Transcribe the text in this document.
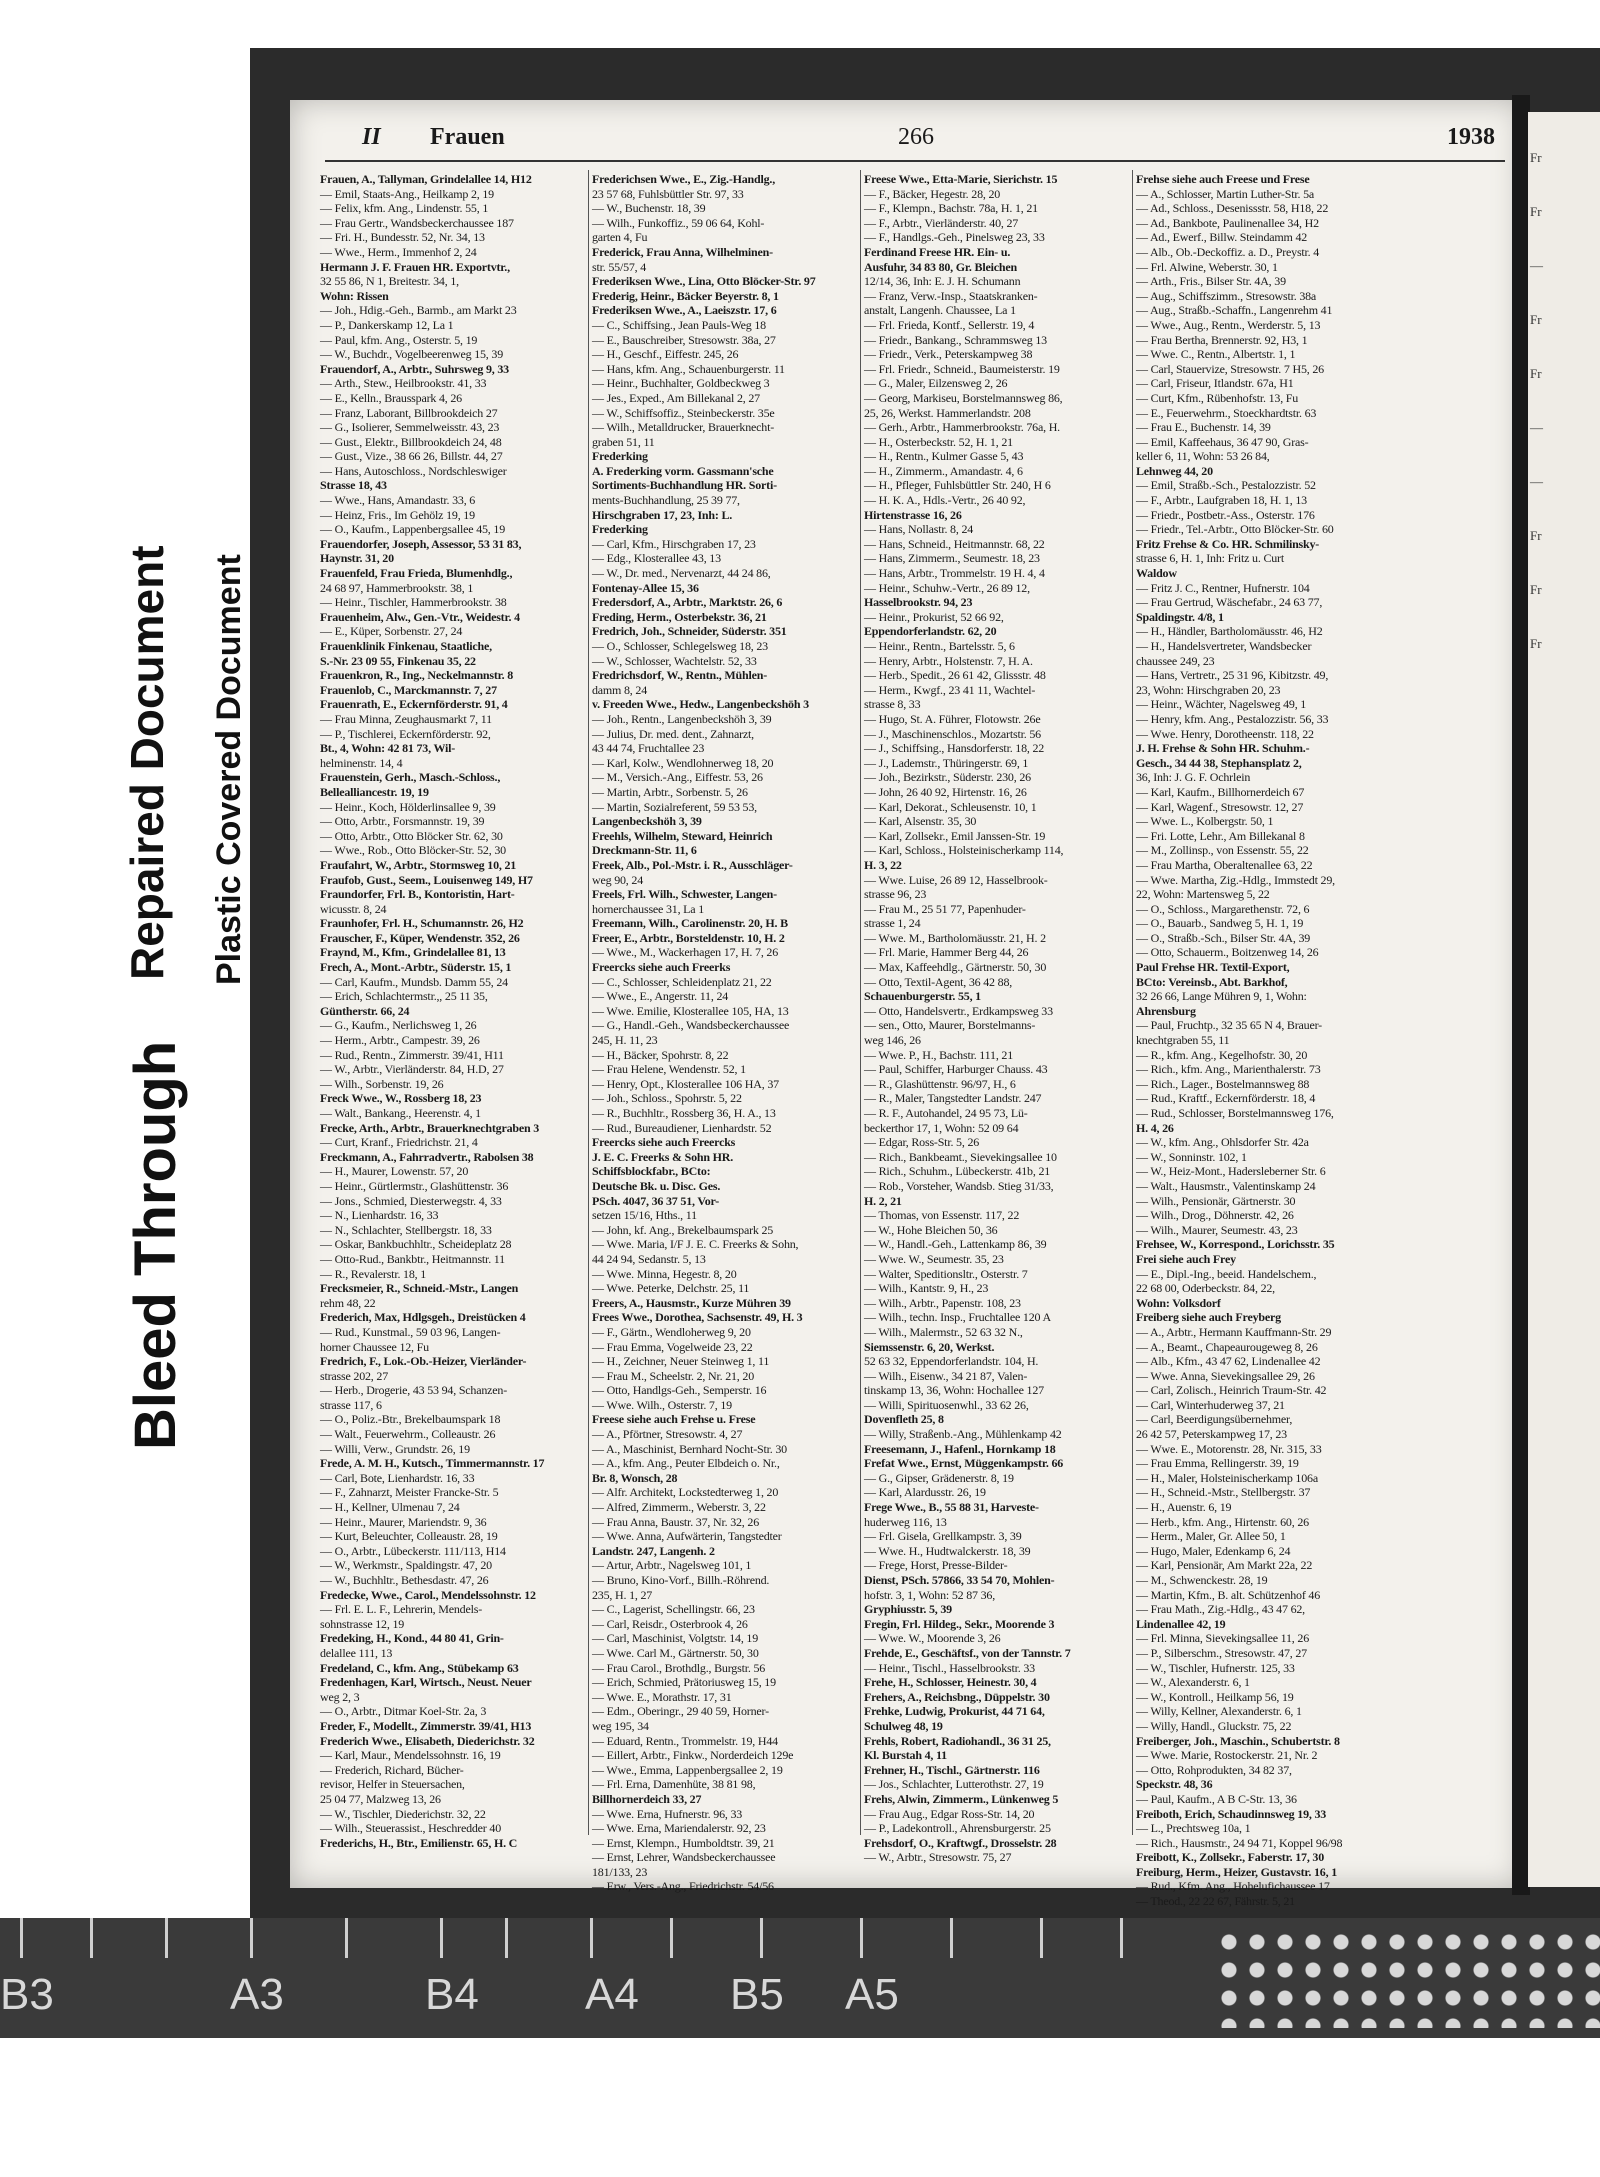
Bleed Through
Repaired Document Plastic Covered Document
Fr
Fr
—
Fr
Fr
—
—
Fr
Fr
Fr
II Frauen	266	1938

Frauen, A., Tallyman, Grindelallee 14, H12

— Emil, Staats-Ang., Heilkamp 2, 19

— Felix, kfm. Ang., Lindenstr. 55, 1

— Frau Gertr., Wandsbeckerchaussee 187

— Fri. H., Bundesstr. 52, Nr. 34, 13

— Wwe., Herm., Immenhof 2, 24

Hermann J. F. Frauen HR. Exportvtr.,

32 55 86, N 1, Breitestr. 34, 1,

Wohn: Rissen

— Joh., Hdig.-Geh., Barmb., am Markt 23

— P., Dankerskamp 12, La 1

— Paul, kfm. Ang., Osterstr. 5, 19

— W., Buchdr., Vogelbeerenweg 15, 39

Frauendorf, A., Arbtr., Suhrsweg 9, 33

— Arth., Stew., Heilbrookstr. 41, 33

— E., Kelln., Brausspark 4, 26

— Franz, Laborant, Billbrookdeich 27

— G., Isolierer, Semmelweisstr. 43, 23

— Gust., Elektr., Billbrookdeich 24, 48

— Gust., Vize., 38 66 26, Billstr. 44, 27

— Hans, Autoschloss., Nordschleswiger

Strasse 18, 43

— Wwe., Hans, Amandastr. 33, 6

— Heinz, Fris., Im Gehölz 19, 19

— O., Kaufm., Lappenbergsallee 45, 19

Frauendorfer, Joseph, Assessor, 53 31 83,

Haynstr. 31, 20

Frauenfeld, Frau Frieda, Blumenhdlg.,

24 68 97, Hammerbrookstr. 38, 1

— Heinr., Tischler, Hammerbrookstr. 38

Frauenheim, Alw., Gen.-Vtr., Weidestr. 4

— E., Küper, Sorbenstr. 27, 24

Frauenklinik Finkenau, Staatliche,

S.-Nr. 23 09 55, Finkenau 35, 22

Frauenkron, R., Ing., Neckelmannstr. 8

Frauenlob, C., Marckmannstr. 7, 27

Frauenrath, E., Eckernförderstr. 91, 4

— Frau Minna, Zeughausmarkt 7, 11

— P., Tischlerei, Eckernförderstr. 92,

Bt., 4, Wohn: 42 81 73, Wil-

helminenstr. 14, 4

Frauenstein, Gerh., Masch.-Schloss.,

Bellealliancestr. 19, 19

— Heinr., Koch, Hölderlinsallee 9, 39

— Otto, Arbtr., Forsmannstr. 19, 39

— Otto, Arbtr., Otto Blöcker Str. 62, 30

— Wwe., Rob., Otto Blöcker-Str. 52, 30

Fraufahrt, W., Arbtr., Stormsweg 10, 21

Fraufob, Gust., Seem., Louisenweg 149, H7

Fraundorfer, Frl. B., Kontoristin, Hart-

wicusstr. 8, 24

Fraunhofer, Frl. H., Schumannstr. 26, H2

Frauscher, F., Küper, Wendenstr. 352, 26

Fraynd, M., Kfm., Grindelallee 81, 13

Frech, A., Mont.-Arbtr., Süderstr. 15, 1

— Carl, Kaufm., Mundsb. Damm 55, 24

— Erich, Schlachtermstr.,, 25 11 35,

Güntherstr. 66, 24

— G., Kaufm., Nerlichsweg 1, 26

— Herm., Arbtr., Campestr. 39, 26

— Rud., Rentn., Zimmerstr. 39/41, H11

— W., Arbtr., Vierländerstr. 84, H.D, 27

— Wilh., Sorbenstr. 19, 26

Freck Wwe., W., Rossberg 18, 23

— Walt., Bankang., Heerenstr. 4, 1

Frecke, Arth., Arbtr., Brauerknechtgraben 3

— Curt, Kranf., Friedrichstr. 21, 4

Freckmann, A., Fahrradvertr., Rabolsen 38

— H., Maurer, Lowenstr. 57, 20

— Heinr., Gürtlermstr., Glashüttenstr. 36

— Jons., Schmied, Diesterwegstr. 4, 33

— N., Lienhardstr. 16, 33

— N., Schlachter, Stellbergstr. 18, 33

— Oskar, Bankbuchhltr., Scheideplatz 28

— Otto-Rud., Bankbtr., Heitmannstr. 11

— R., Revalerstr. 18, 1

Frecksmeier, R., Schneid.-Mstr., Langen

rehm 48, 22

Frederich, Max, Hdlgsgeh., Dreistücken 4

— Rud., Kunstmal., 59 03 96, Langen-

horner Chaussee 12, Fu

Fredrich, F., Lok.-Ob.-Heizer, Vierländer-

strasse 202, 27

— Herb., Drogerie, 43 53 94, Schanzen-

strasse 117, 6

— O., Poliz.-Btr., Brekelbaumspark 18

— Walt., Feuerwehrm., Colleaustr. 26

— Willi, Verw., Grundstr. 26, 19

Frede, A. M. H., Kutsch., Timmermannstr. 17

— Carl, Bote, Lienhardstr. 16, 33

— F., Zahnarzt, Meister Francke-Str. 5

— H., Kellner, Ulmenau 7, 24

— Heinr., Maurer, Mariendstr. 9, 36

— Kurt, Beleuchter, Colleaustr. 28, 19

— O., Arbtr., Lübeckerstr. 111/113, H14

— W., Werkmstr., Spaldingstr. 47, 20

— W., Buchhltr., Bethesdastr. 47, 26

Fredecke, Wwe., Carol., Mendelssohnstr. 12

— Frl. E. L. F., Lehrerin, Mendels-

sohnstrasse 12, 19

Fredeking, H., Kond., 44 80 41, Grin-

delallee 111, 13

Fredeland, C., kfm. Ang., Stübekamp 63

Fredenhagen, Karl, Wirtsch., Neust. Neuer

weg 2, 3

— O., Arbtr., Ditmar Koel-Str. 2a, 3

Freder, F., Modellt., Zimmerstr. 39/41, H13

Frederich Wwe., Elisabeth, Diederichstr. 32

— Karl, Maur., Mendelssohnstr. 16, 19

— Frederich, Richard, Bücher-

revisor, Helfer in Steuersachen,

25 04 77, Malzweg 13, 26

— W., Tischler, Diederichstr. 32, 22

— Wilh., Steuerassist., Heschredder 40

Frederichs, H., Btr., Emilienstr. 65, H. C

Frederichsen Wwe., E., Zig.-Handlg.,

23 57 68, Fuhlsbüttler Str. 97, 33

— W., Buchenstr. 18, 39

— Wilh., Funkoffiz., 59 06 64, Kohl-

garten 4, Fu

Frederick, Frau Anna, Wilhelminen-

str. 55/57, 4

Frederiksen Wwe., Lina, Otto Blöcker-Str. 97

Frederig, Heinr., Bäcker Beyerstr. 8, 1

Frederiksen Wwe., A., Laeiszstr. 17, 6

— C., Schiffsing., Jean Pauls-Weg 18

— E., Bauschreiber, Stresowstr. 38a, 27

— H., Geschf., Eiffestr. 245, 26

— Hans, kfm. Ang., Schauenburgerstr. 11

— Heinr., Buchhalter, Goldbeckweg 3

— Jes., Exped., Am Billekanal 2, 27

— W., Schiffsoffiz., Steinbeckerstr. 35e

— Wilh., Metalldrucker, Brauerknecht-

graben 51, 11

Frederking

A. Frederking vorm. Gassmann'sche

Sortiments-Buchhandlung HR. Sorti-

ments-Buchhandlung, 25 39 77,

Hirschgraben 17, 23, Inh: L.

Frederking

— Carl, Kfm., Hirschgraben 17, 23

— Edg., Klosterallee 43, 13

— W., Dr. med., Nervenarzt, 44 24 86,

Fontenay-Allee 15, 36

Fredersdorf, A., Arbtr., Marktstr. 26, 6

Freding, Herm., Osterbekstr. 36, 21

Fredrich, Joh., Schneider, Süderstr. 351

— O., Schlosser, Schlegelsweg 18, 23

— W., Schlosser, Wachtelstr. 52, 33

Fredrichsdorf, W., Rentn., Mühlen-

damm 8, 24

v. Freeden Wwe., Hedw., Langenbeckshöh 3

— Joh., Rentn., Langenbeckshöh 3, 39

— Julius, Dr. med. dent., Zahnarzt,

43 44 74, Fruchtallee 23

— Karl, Kolw., Wendlohnerweg 18, 20

— M., Versich.-Ang., Eiffestr. 53, 26

— Martin, Arbtr., Sorbenstr. 5, 26

— Martin, Sozialreferent, 59 53 53,

Langenbeckshöh 3, 39

Freehls, Wilhelm, Steward, Heinrich

Dreckmann-Str. 11, 6

Freek, Alb., Pol.-Mstr. i. R., Ausschläger-

weg 90, 24

Freels, Frl. Wilh., Schwester, Langen-

hornerchaussee 31, La 1

Freemann, Wilh., Carolinenstr. 20, H. B

Freer, E., Arbtr., Borsteldenstr. 10, H. 2

— Wwe., M., Wackerhagen 17, H. 7, 26

Freercks siehe auch Freerks

— C., Schlosser, Schleidenplatz 21, 22

— Wwe., E., Angerstr. 11, 24

— Wwe. Emilie, Klosterallee 105, HA, 13

— G., Handl.-Geh., Wandsbeckerchaussee

245, H. 11, 23

— H., Bäcker, Spohrstr. 8, 22

— Frau Helene, Wendenstr. 52, 1

— Henry, Opt., Klosterallee 106 HA, 37

— Joh., Schloss., Spohrstr. 5, 22

— R., Buchhltr., Rossberg 36, H. A., 13

— Rud., Bureaudiener, Lienhardstr. 52

Freercks siehe auch Freercks

J. E. C. Freerks & Sohn HR.

Schiffsblockfabr., BCto:

Deutsche Bk. u. Disc. Ges.

PSch. 4047, 36 37 51, Vor-

setzen 15/16, Hths., 11

— John, kf. Ang., Brekelbaumspark 25

— Wwe. Maria, I/F J. E. C. Freerks & Sohn,

44 24 94, Sedanstr. 5, 13

— Wwe. Minna, Hegestr. 8, 20

— Wwe. Peterke, Delchstr. 25, 11

Freers, A., Hausmstr., Kurze Mühren 39

Frees Wwe., Dorothea, Sachsenstr. 49, H. 3

— F., Gärtn., Wendloherweg 9, 20

— Frau Emma, Vogelweide 23, 22

— H., Zeichner, Neuer Steinweg 1, 11

— Frau M., Scheelstr. 2, Nr. 21, 20

— Otto, Handlgs-Geh., Semperstr. 16

— Wwe. Wilh., Osterstr. 7, 19

Freese siehe auch Frehse u. Frese

— A., Pförtner, Stresowstr. 4, 27

— A., Maschinist, Bernhard Nocht-Str. 30

— A., kfm. Ang., Peuter Elbdeich o. Nr.,

Br. 8, Wonsch, 28

— Alfr. Architekt, Lockstedterweg 1, 20

— Alfred, Zimmerm., Weberstr. 3, 22

— Frau Anna, Baustr. 37, Nr. 32, 26

— Wwe. Anna, Aufwärterin, Tangstedter

Landstr. 247, Langenh. 2

— Artur, Arbtr., Nagelsweg 101, 1

— Bruno, Kino-Vorf., Billh.-Röhrend.

235, H. 1, 27

— C., Lagerist, Schellingstr. 66, 23

— Carl, Reisdr., Osterbrook 4, 26

— Carl, Maschinist, Volgtstr. 14, 19

— Wwe. Carl M., Gärtnerstr. 50, 30

— Frau Carol., Brothdlg., Burgstr. 56

— Erich, Schmied, Prätoriusweg 15, 19

— Wwe. E., Morathstr. 17, 31

— Edm., Oberingr., 29 40 59, Horner-

weg 195, 34

— Eduard, Rentn., Trommelstr. 19, H44

— Eillert, Arbtr., Finkw., Norderdeich 129e

— Wwe., Emma, Lappenbergsallee 2, 19

— Frl. Erna, Damenhüte, 38 81 98,

Billhornerdeich 33, 27

— Wwe. Erna, Hufnerstr. 96, 33

— Wwe. Erna, Mariendalerstr. 92, 23

— Ernst, Klempn., Humboldtstr. 39, 21

— Ernst, Lehrer, Wandsbeckerchaussee

181/133, 23

— Erw., Vers.-Ang., Friedrichstr. 54/56

Freese Wwe., Etta-Marie, Sierichstr. 15

— F., Bäcker, Hegestr. 28, 20

— F., Klempn., Bachstr. 78a, H. 1, 21

— F., Arbtr., Vierländerstr. 40, 27

— F., Handlgs.-Geh., Pinelsweg 23, 33

Ferdinand Freese HR. Ein- u.

Ausfuhr, 34 83 80, Gr. Bleichen

12/14, 36, Inh: E. J. H. Schumann

— Franz, Verw.-Insp., Staatskranken-

anstalt, Langenh. Chaussee, La 1

— Frl. Frieda, Kontf., Sellerstr. 19, 4

— Friedr., Bankang., Schrammsweg 13

— Friedr., Verk., Peterskampweg 38

— Frl. Friedr., Schneid., Baumeisterstr. 19

— G., Maler, Eilzensweg 2, 26

— Georg, Markiseu, Borstelmannsweg 86,

25, 26, Werkst. Hammerlandstr. 208

— Gerh., Arbtr., Hammerbrookstr. 76a, H.

— H., Osterbeckstr. 52, H. 1, 21

— H., Rentn., Kulmer Gasse 5, 43

— H., Zimmerm., Amandastr. 4, 6

— H., Pfleger, Fuhlsbüttler Str. 240, H 6

— H. K. A., Hdls.-Vertr., 26 40 92,

Hirtenstrasse 16, 26

— Hans, Nollastr. 8, 24

— Hans, Schneid., Heitmannstr. 68, 22

— Hans, Zimmerm., Seumestr. 18, 23

— Hans, Arbtr., Trommelstr. 19 H. 4, 4

— Heinr., Schuhw.-Vertr., 26 89 12,

Hasselbrookstr. 94, 23

— Heinr., Prokurist, 52 66 92,

Eppendorferlandstr. 62, 20

— Heinr., Rentn., Bartelsstr. 5, 6

— Henry, Arbtr., Holstenstr. 7, H. A.

— Herb., Spedit., 26 61 42, Glissstr. 48

— Herm., Kwgf., 23 41 11, Wachtel-

strasse 8, 33

— Hugo, St. A. Führer, Flotowstr. 26e

— J., Maschinenschlos., Mozartstr. 56

— J., Schiffsing., Hansdorferstr. 18, 22

— J., Lademstr., Thüringerstr. 69, 1

— Joh., Bezirkstr., Süderstr. 230, 26

— John, 26 40 92, Hirtenstr. 16, 26

— Karl, Dekorat., Schleusenstr. 10, 1

— Karl, Alsenstr. 35, 30

— Karl, Zollsekr., Emil Janssen-Str. 19

— Karl, Schloss., Holsteinischerkamp 114,

H. 3, 22

— Wwe. Luise, 26 89 12, Hasselbrook-

strasse 96, 23

— Frau M., 25 51 77, Papenhuder-

strasse 1, 24

— Wwe. M., Bartholomäusstr. 21, H. 2

— Frl. Marie, Hammer Berg 44, 26

— Max, Kaffeehdlg., Gärtnerstr. 50, 30

— Otto, Textil-Agent, 36 42 88,

Schauenburgerstr. 55, 1

— Otto, Handelsvertr., Erdkampsweg 33

— sen., Otto, Maurer, Borstelmanns-

weg 146, 26

— Wwe. P., H., Bachstr. 111, 21

— Paul, Schiffer, Harburger Chauss. 43

— R., Glashüttenstr. 96/97, H., 6

— R., Maler, Tangstedter Landstr. 247

— R. F., Autohandel, 24 95 73, Lü-

beckerthor 17, 1, Wohn: 52 09 64

— Edgar, Ross-Str. 5, 26

— Rich., Bankbeamt., Sievekingsallee 10

— Rich., Schuhm., Lübeckerstr. 41b, 21

— Rob., Vorsteher, Wandsb. Stieg 31/33,

H. 2, 21

— Thomas, von Essenstr. 117, 22

— W., Hohe Bleichen 50, 36

— W., Handl.-Geh., Lattenkamp 86, 39

— Wwe. W., Seumestr. 35, 23

— Walter, Speditionsltr., Osterstr. 7

— Wilh., Kantstr. 9, H., 23

— Wilh., Arbtr., Papenstr. 108, 23

— Wilh., techn. Insp., Fruchtallee 120 A

— Wilh., Malermstr., 52 63 32 N.,

Siemssenstr. 6, 20, Werkst.

52 63 32, Eppendorferlandstr. 104, H.

— Wilh., Eisenw., 34 21 87, Valen-

tinskamp 13, 36, Wohn: Hochallee 127

— Willi, Spirituosenwhl., 33 62 26,

Dovenfleth 25, 8

— Willy, Straßenb.-Ang., Mühlenkamp 42

Freesemann, J., Hafenl., Hornkamp 18

Frefat Wwe., Ernst, Müggenkampstr. 66

— G., Gipser, Grädenerstr. 8, 19

— Karl, Alardusstr. 26, 19

Frege Wwe., B., 55 88 31, Harveste-

huderweg 116, 13

— Frl. Gisela, Grellkampstr. 3, 39

— Wwe. H., Hudtwalckerstr. 18, 39

— Frege, Horst, Presse-Bilder-

Dienst, PSch. 57866, 33 54 70, Mohlen-

hofstr. 3, 1, Wohn: 52 87 36,

Gryphiusstr. 5, 39

Fregin, Frl. Hildeg., Sekr., Moorende 3

— Wwe. W., Moorende 3, 26

Frehde, E., Geschäftsf., von der Tannstr. 7

— Heinr., Tischl., Hasselbrookstr. 33

Frehe, H., Schlosser, Heinestr. 30, 4

Frehers, A., Reichsbng., Düppelstr. 30

Frehke, Ludwig, Prokurist, 44 71 64,

Schulweg 48, 19

Frehls, Robert, Radiohandl., 36 31 25,

Kl. Burstah 4, 11

Frehner, H., Tischl., Gärtnerstr. 116

— Jos., Schlachter, Lutterothstr. 27, 19

Frehs, Alwin, Zimmerm., Lünkenweg 5

— Frau Aug., Edgar Ross-Str. 14, 20

— P., Ladekontroll., Ahrensburgerstr. 25

Frehsdorf, O., Kraftwgf., Drosselstr. 28

— W., Arbtr., Stresowstr. 75, 27

Frehse siehe auch Freese und Frese

— A., Schlosser, Martin Luther-Str. 5a

— Ad., Schloss., Desenissstr. 58, H18, 22

— Ad., Bankbote, Paulinenallee 34, H2

— Ad., Ewerf., Billw. Steindamm 42

— Alb., Ob.-Deckoffiz. a. D., Preystr. 4

— Frl. Alwine, Weberstr. 30, 1

— Arth., Fris., Bilser Str. 4A, 39

— Aug., Schiffszimm., Stresowstr. 38a

— Aug., Straßb.-Schaffn., Langenrehm 41

— Wwe., Aug., Rentn., Werderstr. 5, 13

— Frau Bertha, Brennerstr. 92, H3, 1

— Wwe. C., Rentn., Albertstr. 1, 1

— Carl, Stauervize, Stresowstr. 7 H5, 26

— Carl, Friseur, Itlandstr. 67a, H1

— Curt, Kfm., Rübenhofstr. 13, Fu

— E., Feuerwehrm., Stoeckhardtstr. 63

— Frau E., Buchenstr. 14, 39

— Emil, Kaffeehaus, 36 47 90, Gras-

keller 6, 11, Wohn: 53 26 84,

Lehnweg 44, 20

— Emil, Straßb.-Sch., Pestalozzistr. 52

— F., Arbtr., Laufgraben 18, H. 1, 13

— Friedr., Postbetr.-Ass., Osterstr. 176

— Friedr., Tel.-Arbtr., Otto Blöcker-Str. 60

Fritz Frehse & Co. HR. Schmilinsky-

strasse 6, H. 1, Inh: Fritz u. Curt

Waldow

— Fritz J. C., Rentner, Hufnerstr. 104

— Frau Gertrud, Wäschefabr., 24 63 77,

Spaldingstr. 4/8, 1

— H., Händler, Bartholomäusstr. 46, H2

— H., Handelsvertreter, Wandsbecker

chaussee 249, 23

— Hans, Vertretr., 25 31 96, Kibitzstr. 49,

23, Wohn: Hirschgraben 20, 23

— Heinr., Wächter, Nagelsweg 49, 1

— Henry, kfm. Ang., Pestalozzistr. 56, 33

— Wwe. Henry, Dorotheenstr. 118, 22

J. H. Frehse & Sohn HR. Schuhm.-

Gesch., 34 44 38, Stephansplatz 2,

36, Inh: J. G. F. Ochrlein

— Karl, Kaufm., Billhornerdeich 67

— Karl, Wagenf., Stresowstr. 12, 27

— Wwe. L., Kolbergstr. 50, 1

— Fri. Lotte, Lehr., Am Billekanal 8

— M., Zollinsp., von Essenstr. 55, 22

— Frau Martha, Oberaltenallee 63, 22

— Wwe. Martha, Zig.-Hdlg., Immstedt 29,

22, Wohn: Martensweg 5, 22

— O., Schloss., Margarethenstr. 72, 6

— O., Bauarb., Sandweg 5, H. 1, 19

— O., Straßb.-Sch., Bilser Str. 4A, 39

— Otto, Schauerm., Boitzenweg 14, 26

Paul Frehse HR. Textil-Export,

BCto: Vereinsb., Abt. Barkhof,

32 26 66, Lange Mühren 9, 1, Wohn:

Ahrensburg

— Paul, Fruchtp., 32 35 65 N 4, Brauer-

knechtgraben 55, 11

— R., kfm. Ang., Kegelhofstr. 30, 20

— Rich., kfm. Ang., Marienthalerstr. 73

— Rich., Lager., Bostelmannsweg 88

— Rud., Kraftf., Eckernförderstr. 18, 4

— Rud., Schlosser, Borstelmannsweg 176,

H. 4, 26

— W., kfm. Ang., Ohlsdorfer Str. 42a

— W., Sonninstr. 102, 1

— W., Heiz-Mont., Hadersleberner Str. 6

— Walt., Hausmstr., Valentinskamp 24

— Wilh., Pensionär, Gärtnerstr. 30

— Wilh., Drog., Döhnerstr. 42, 26

— Wilh., Maurer, Seumestr. 43, 23

Frehsee, W., Korrespond., Lorichsstr. 35

Frei siehe auch Frey

— E., Dipl.-Ing., beeid. Handelschem.,

22 68 00, Oderbeckstr. 84, 22,

Wohn: Volksdorf

Freiberg siehe auch Freyberg

— A., Arbtr., Hermann Kauffmann-Str. 29

— A., Beamt., Chapeaurougeweg 8, 26

— Alb., Kfm., 43 47 62, Lindenallee 42

— Wwe. Anna, Sievekingsallee 29, 26

— Carl, Zolisch., Heinrich Traum-Str. 42

— Carl, Winterhuderweg 37, 21

— Carl, Beerdigungsübernehmer,

26 42 57, Peterskampweg 17, 23

— Wwe. E., Motorenstr. 28, Nr. 315, 33

— Frau Emma, Rellingerstr. 39, 19

— H., Maler, Holsteinischerkamp 106a

— H., Schneid.-Mstr., Stellbergstr. 37

— H., Auenstr. 6, 19

— Herb., kfm. Ang., Hirtenstr. 60, 26

— Herm., Maler, Gr. Allee 50, 1

— Hugo, Maler, Edenkamp 6, 24

— Karl, Pensionär, Am Markt 22a, 22

— M., Schwenckestr. 28, 19

— Martin, Kfm., B. alt. Schützenhof 46

— Frau Math., Zig.-Hdlg., 43 47 62,

Lindenallee 42, 19

— Frl. Minna, Sievekingsallee 11, 26

— P., Silberschm., Stresowstr. 47, 27

— W., Tischler, Hufnerstr. 125, 33

— W., Alexanderstr. 6, 1

— W., Kontroll., Heilkamp 56, 19

— Willy, Kellner, Alexanderstr. 6, 1

— Willy, Handl., Gluckstr. 75, 22

Freiberger, Joh., Maschin., Schubertstr. 8

— Wwe. Marie, Rostockerstr. 21, Nr. 2

— Otto, Rohprodukten, 34 82 37,

Speckstr. 48, 36

— Paul, Kaufm., A B C-Str. 13, 36

Freiboth, Erich, Schaudinnsweg 19, 33

— L., Prechtsweg 10a, 1

— Rich., Hausmstr., 24 94 71, Koppel 96/98

Freibott, K., Zollsekr., Faberstr. 17, 30

Freiburg, Herm., Heizer, Gustavstr. 16, 1

— Rud., Kfm. Ang., Hohelufichaussee 17

— Theod., 22 22 67, Fährstr. 5, 21

B3	A3	B4 A4 B5 A5
